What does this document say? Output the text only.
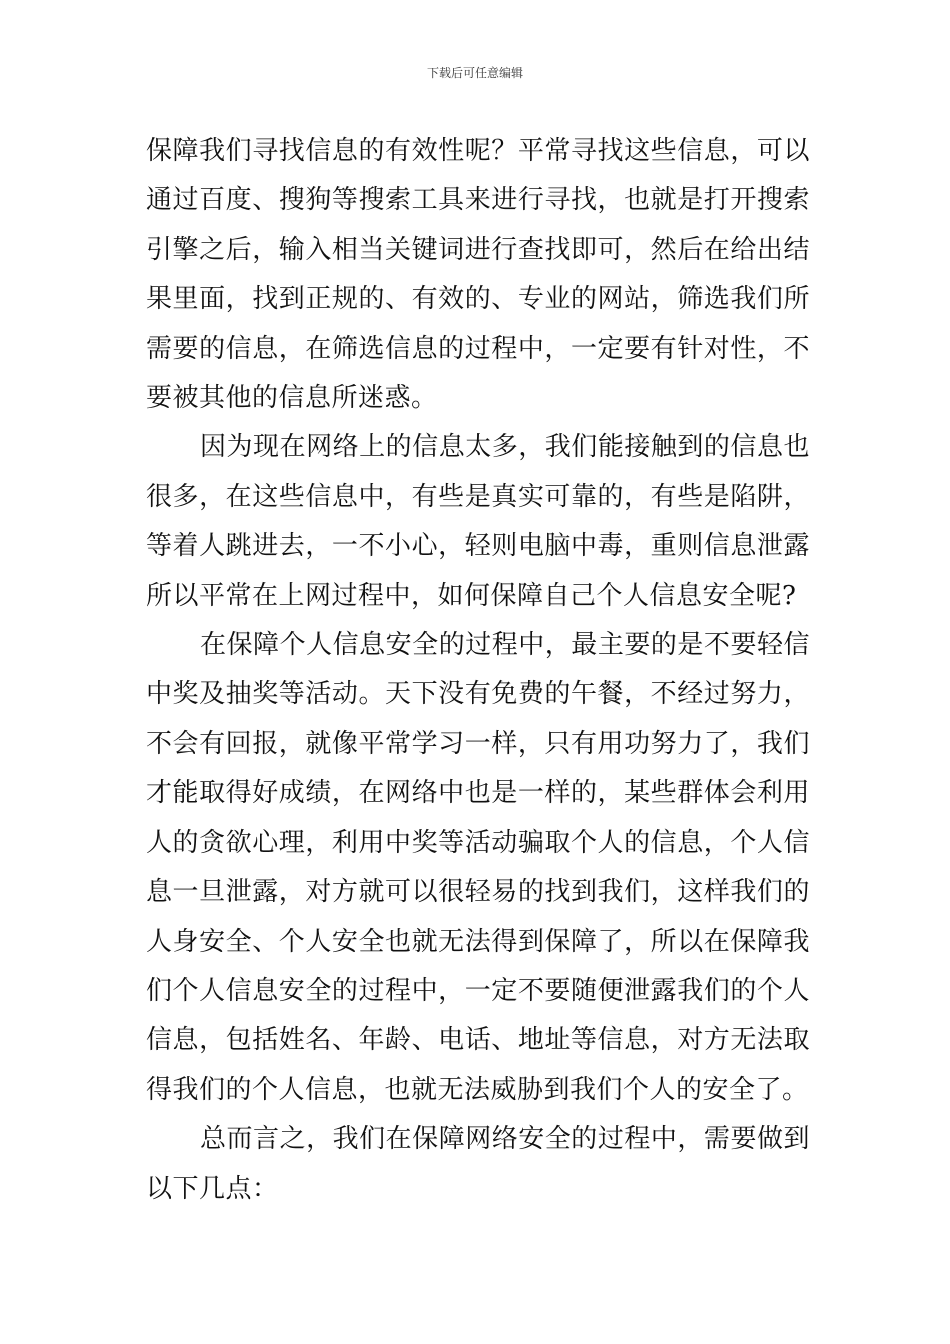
下载后可任意编辑

保障我们寻找信息的有效性呢？平常寻找这些信息，可以通过百度、搜狗等搜索工具来进行寻找，也就是打开搜索引擎之后，输入相当关键词进行查找即可，然后在给出结果里面，找到正规的、有效的、专业的网站，筛选我们所需要的信息，在筛选信息的过程中，一定要有针对性，不要被其他的信息所迷惑。

因为现在网络上的信息太多，我们能接触到的信息也很多，在这些信息中，有些是真实可靠的，有些是陷阱，等着人跳进去，一不小心，轻则电脑中毒，重则信息泄露所以平常在上网过程中，如何保障自己个人信息安全呢?

在保障个人信息安全的过程中，最主要的是不要轻信中奖及抽奖等活动。天下没有免费的午餐，不经过努力，不会有回报，就像平常学习一样，只有用功努力了，我们才能取得好成绩，在网络中也是一样的，某些群体会利用人的贪欲心理，利用中奖等活动骗取个人的信息，个人信息一旦泄露，对方就可以很轻易的找到我们，这样我们的人身安全、个人安全也就无法得到保障了，所以在保障我们个人信息安全的过程中，一定不要随便泄露我们的个人信息，包括姓名、年龄、电话、地址等信息，对方无法取得我们的个人信息，也就无法威胁到我们个人的安全了。

总而言之，我们在保障网络安全的过程中，需要做到以下几点：
